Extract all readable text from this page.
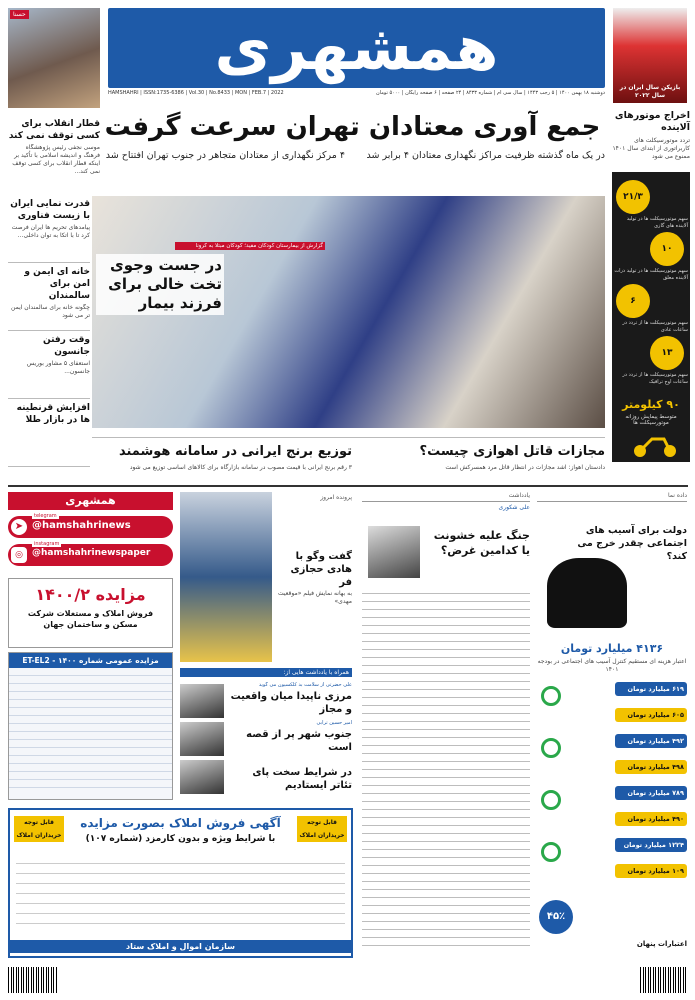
همشهری
دوشنبه ۱۸ بهمن ۱۴۰۰ | ۵ رجب ۱۴۴۳ | سال سی ام | شماره ۸۴۳۳ | ۲۴ صفحه | ۶ صفحه رایگان | ۵۰۰۰ تومان
HAMSHAHRI | ISSN:1735-6386 | Vol.30 | No.8433 | MON | FEB.7 | 2022
حسنا
قطار انقلاب برای کسی توقف نمی کند
موسی نجفی رئیس پژوهشگاه فرهنگ و اندیشه اسلامی با تأکید بر اینکه قطار انقلاب برای کسی توقف نمی کند...
بازیکن سال ایران در سال ۲۰۲۲
جمع آوری معتادان تهران سرعت گرفت
در یک ماه گذشته ظرفیت مراکز نگهداری معتادان ۴ برابر شد
۴ مرکز نگهداری از معتادان متجاهر در جنوب تهران افتتاح شد
گزارش از بیمارستان کودکان مفید؛ کودکان مبتلا به کرونا
در جست وجوی تخت خالی برای فرزند بیمار
اخراج موتورهای آلاینده
تردد موتورسیکلت های کاربراتوری از ابتدای سال ۱۴۰۱ ممنوع می شود
۲۱/۳
سهم موتورسیکلت ها در تولید آلاینده های گازی
۱۰
سهم موتورسیکلت ها در تولید ذرات آلاینده معلق
۶
سهم موتورسیکلت ها از تردد در ساعات عادی
۱۳
سهم موتورسیکلت ها از تردد در ساعات اوج ترافیک
۹۰ کیلومتر
متوسط پیمایش روزانه موتورسیکلت ها
قدرت نمایی ایران با زیست فناوری
پیامدهای تحریم ها ایران فرصت کرد تا با اتکا به توان داخلی...
خانه ای ایمن و امن برای سالمندان
چگونه خانه برای سالمندان ایمن تر می شود
وقت رفتن جانسون
استعفای ۵ مشاور بوریس جانسون...
افزایش قرنطینه ها در بازار طلا
مجازات قاتل اهوازی چیست؟
دادستان اهواز: اشد مجازات در انتظار قاتل مرد همسرکش است
توزیع برنج ایرانی در سامانه هوشمند
۳ رقم برنج ایرانی با قیمت مصوب در سامانه بازارگاه برای کالاهای اساسی توزیع می شود
همشهری
telegram
➤ @hamshahrinews
instagram
◎	@hamshahrinewspaper
مزایده ۱۴۰۰/۲
فروش املاک و مستغلات شرکت مسکن و ساختمان جهان
مزایده عمومی شماره ET-EL2 - ۱۴۰۰
قابل توجه خریداران املاک
قابل توجه خریداران املاک
آگهی فروش املاک بصورت مزایده
با شرایط ویژه و بدون کارمزد (شماره ۱۰۷)
سازمان اموال و املاک ستاد
پرونده امروز
گفت وگو با هادی حجازی فر
به بهانه نمایش فیلم «موقعیت مهدی»
همراه با یادداشت هایی از:
علی حضرتی از سلامت بد کلکسیون می گوید
مرزی ناپیدا میان واقعیت و مجاز
امیر حسین ترابی
جنوب شهر پر از قصه است
در شرایط سخت پای تئاتر ایستادیم
یادداشت
علی شکوری
جنگ علیه خشونت یا کدامین غرض؟
داده نما
دولت برای آسیب های اجتماعی چقدر خرج می کند؟
۴۱۳۶ میلیارد تومان
اعتبار هزینه ای مستقیم کنترل آسیب های اجتماعی در بودجه ۱۴۰۱
۶۱۹ میلیارد تومان
۶۰۵ میلیارد تومان
۴۹۲ میلیارد تومان
۴۹۸ میلیارد تومان
۷۸۹ میلیارد تومان
۴۹۰ میلیارد تومان
۱۲۲۴ میلیارد تومان
۱۰۹ میلیارد تومان
۴۵٪
اعتبارات پنهان
